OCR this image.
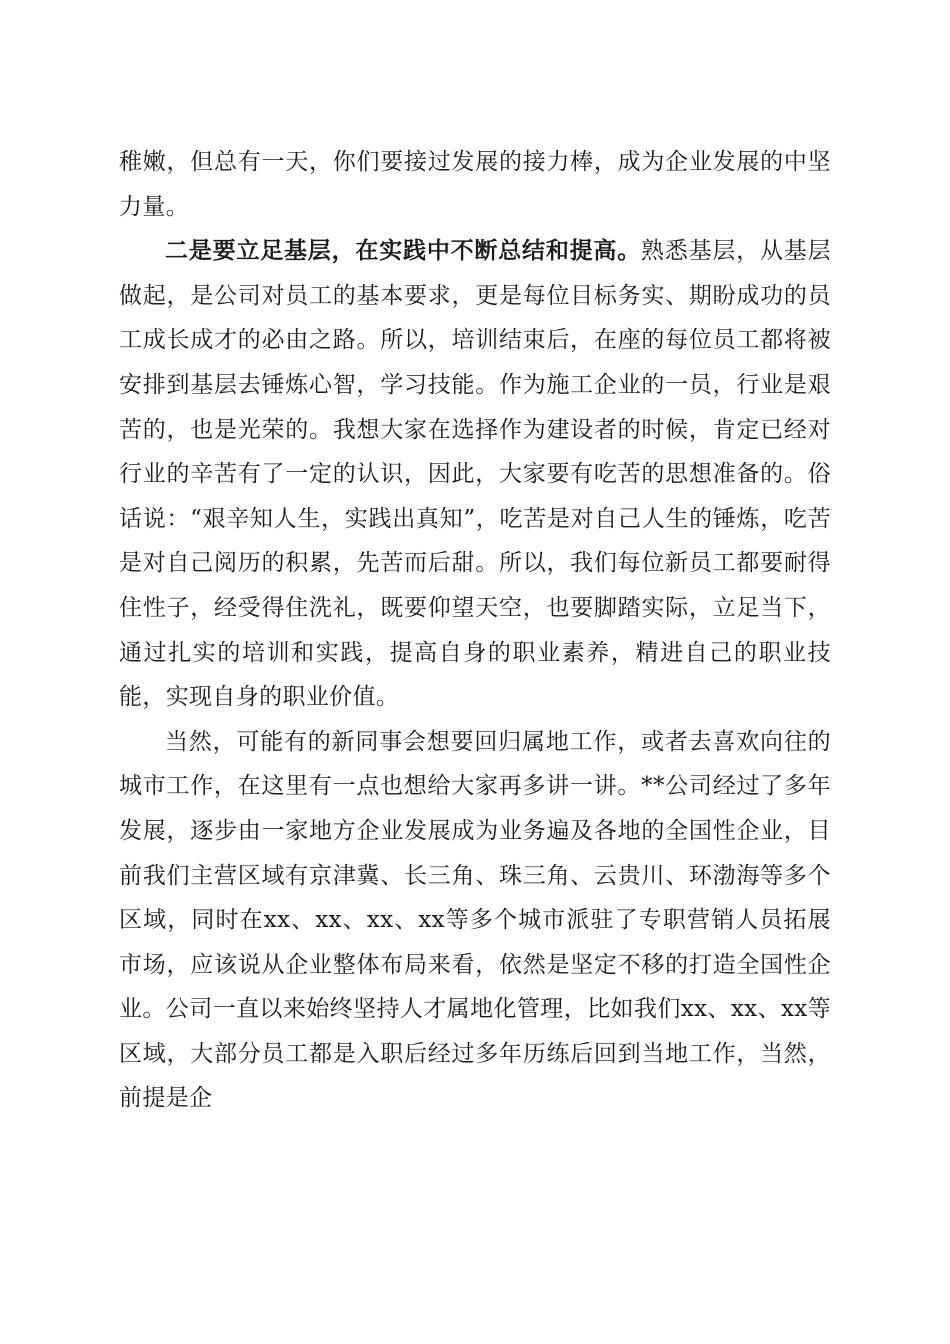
稚嫩，但总有一天，你们要接过发展的接力棒，成为企业发展的中坚力量。

二是要立足基层，在实践中不断总结和提高。熟悉基层，从基层做起，是公司对员工的基本要求，更是每位目标务实、期盼成功的员工成长成才的必由之路。所以，培训结束后，在座的每位员工都将被安排到基层去锤炼心智，学习技能。作为施工企业的一员，行业是艰苦的，也是光荣的。我想大家在选择作为建设者的时候，肯定已经对行业的辛苦有了一定的认识，因此，大家要有吃苦的思想准备的。俗话说：“艰辛知人生，实践出真知”，吃苦是对自己人生的锤炼，吃苦是对自己阅历的积累，先苦而后甜。所以，我们每位新员工都要耐得住性子，经受得住洗礼，既要仰望天空，也要脚踏实际，立足当下，通过扎实的培训和实践，提高自身的职业素养，精进自己的职业技能，实现自身的职业价值。

当然，可能有的新同事会想要回归属地工作，或者去喜欢向往的城市工作，在这里有一点也想给大家再多讲一讲。**公司经过了多年发展，逐步由一家地方企业发展成为业务遍及各地的全国性企业，目前我们主营区域有京津冀、长三角、珠三角、云贵川、环渤海等多个区域，同时在xx、xx、xx、xx等多个城市派驻了专职营销人员拓展市场，应该说从企业整体布局来看，依然是坚定不移的打造全国性企业。公司一直以来始终坚持人才属地化管理，比如我们xx、xx、xx等区域，大部分员工都是入职后经过多年历练后回到当地工作，当然，前提是企
